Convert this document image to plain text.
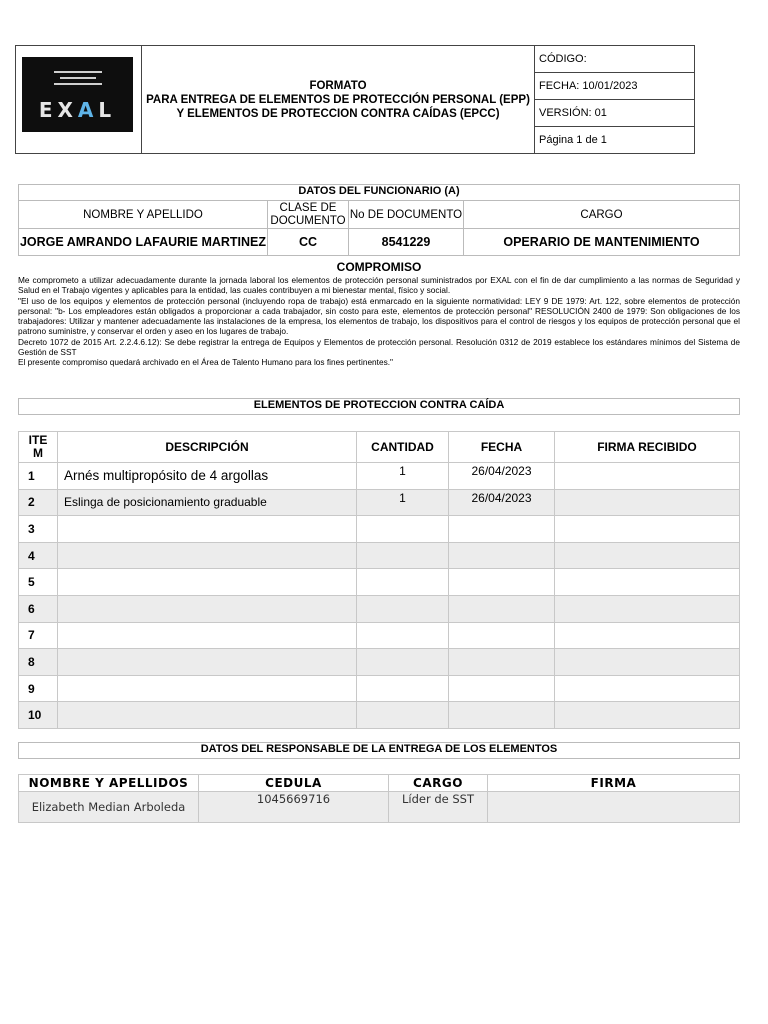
EXAL

FORMATO
PARA ENTREGA DE ELEMENTOS DE PROTECCIÓN PERSONAL (EPP)
Y ELEMENTOS DE PROTECCION CONTRA CAÍDAS (EPCC)
	CÓDIGO:
FECHA: 10/01/2023
VERSIÓN: 01
Página 1 de 1
DATOS DEL FUNCIONARIO (A)
NOMBRE Y APELLIDO	CLASE DE DOCUMENTO	No DE DOCUMENTO	CARGO
JORGE AMRANDO LAFAURIE MARTINEZ	CC	8541229	OPERARIO DE MANTENIMIENTO
COMPROMISO

Me comprometo a utilizar adecuadamente durante la jornada laboral los elementos de protección personal suministrados por EXAL con el fin de dar cumplimiento a las normas de Seguridad y Salud en el Trabajo vigentes y aplicables para la entidad, las cuales contribuyen a mi bienestar mental, físico y social.

"El uso de los equipos y elementos de protección personal (incluyendo ropa de trabajo) está enmarcado en la siguiente normatividad: LEY 9 DE 1979: Art. 122, sobre elementos de protección personal: "b- Los empleadores están obligados a proporcionar a cada trabajador, sin costo para este, elementos de protección personal" RESOLUCIÓN 2400 de 1979: Son obligaciones de los trabajadores: Utilizar y mantener adecuadamente las instalaciones de la empresa, los elementos de trabajo, los dispositivos para el control de riesgos y los equipos de protección personal que el patrono suministre, y conservar el orden y aseo en los lugares de trabajo.

Decreto 1072 de 2015 Art. 2.2.4.6.12): Se debe registrar la entrega de Equipos y Elementos de protección personal. Resolución 0312 de 2019 establece los estándares mínimos del Sistema de Gestión de SST

El presente compromiso quedará archivado en el Área de Talento Humano para los fines pertinentes."

ELEMENTOS DE PROTECCION CONTRA CAÍDA
ITE
M	DESCRIPCIÓN	CANTIDAD	FECHA	FIRMA RECIBIDO
1	Arnés multipropósito de 4 argollas	1	26/04/2023	
2	Eslinga de posicionamiento graduable	1	26/04/2023	
3				
4				
5				
6				
7				
8				
9				
10				
DATOS DEL RESPONSABLE DE LA ENTREGA DE LOS ELEMENTOS
NOMBRE Y APELLIDOS	CEDULA	CARGO	FIRMA
Elizabeth Median Arboleda	1045669716	Líder de SST	
